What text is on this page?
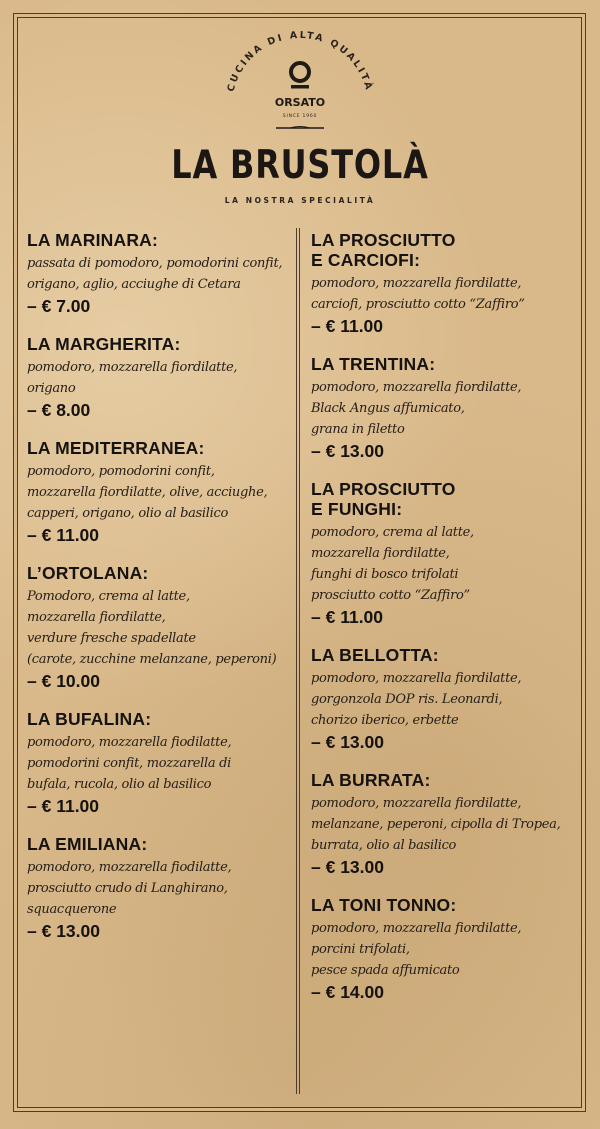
CUCINA DI ALTA QUALITÀ
ORSATO
SINCE 1960
LA BRUSTOLÀ
LA NOSTRA SPECIALITÀ
LA MARINARA:
passata di pomodoro, pomodorini confit,
origano, aglio, acciughe di Cetara
– € 7.00
LA MARGHERITA:
pomodoro, mozzarella fiordilatte,
origano
– € 8.00
LA MEDITERRANEA:
pomodoro, pomodorini confit,
mozzarella fiordilatte, olive, acciughe,
capperi, origano, olio al basilico
– € 11.00
L’ORTOLANA:
Pomodoro, crema al latte,
mozzarella fiordilatte,
verdure fresche spadellate
(carote, zucchine melanzane, peperoni)
– € 10.00
LA BUFALINA:
pomodoro, mozzarella fiodilatte,
pomodorini confit, mozzarella di
bufala, rucola, olio al basilico
– € 11.00
LA EMILIANA:
pomodoro, mozzarella fiodilatte,
prosciutto crudo di Langhirano,
squacquerone
– € 13.00
LA PROSCIUTTO
E CARCIOFI:
pomodoro, mozzarella fiordilatte,
carciofi, prosciutto cotto “Zaffiro”
– € 11.00
LA TRENTINA:
pomodoro, mozzarella fiordilatte,
Black Angus affumicato,
grana in filetto
– € 13.00
LA PROSCIUTTO
E FUNGHI:
pomodoro, crema al latte,
mozzarella fiordilatte,
funghi di bosco trifolati
prosciutto cotto “Zaffiro”
– € 11.00
LA BELLOTTA:
pomodoro, mozzarella fiordilatte,
gorgonzola DOP ris. Leonardi,
chorizo iberico, erbette
– € 13.00
LA BURRATA:
pomodoro, mozzarella fiordilatte,
melanzane, peperoni, cipolla di Tropea,
burrata, olio al basilico
– € 13.00
LA TONI TONNO:
pomodoro, mozzarella fiordilatte,
porcini trifolati,
pesce spada affumicato
– € 14.00
